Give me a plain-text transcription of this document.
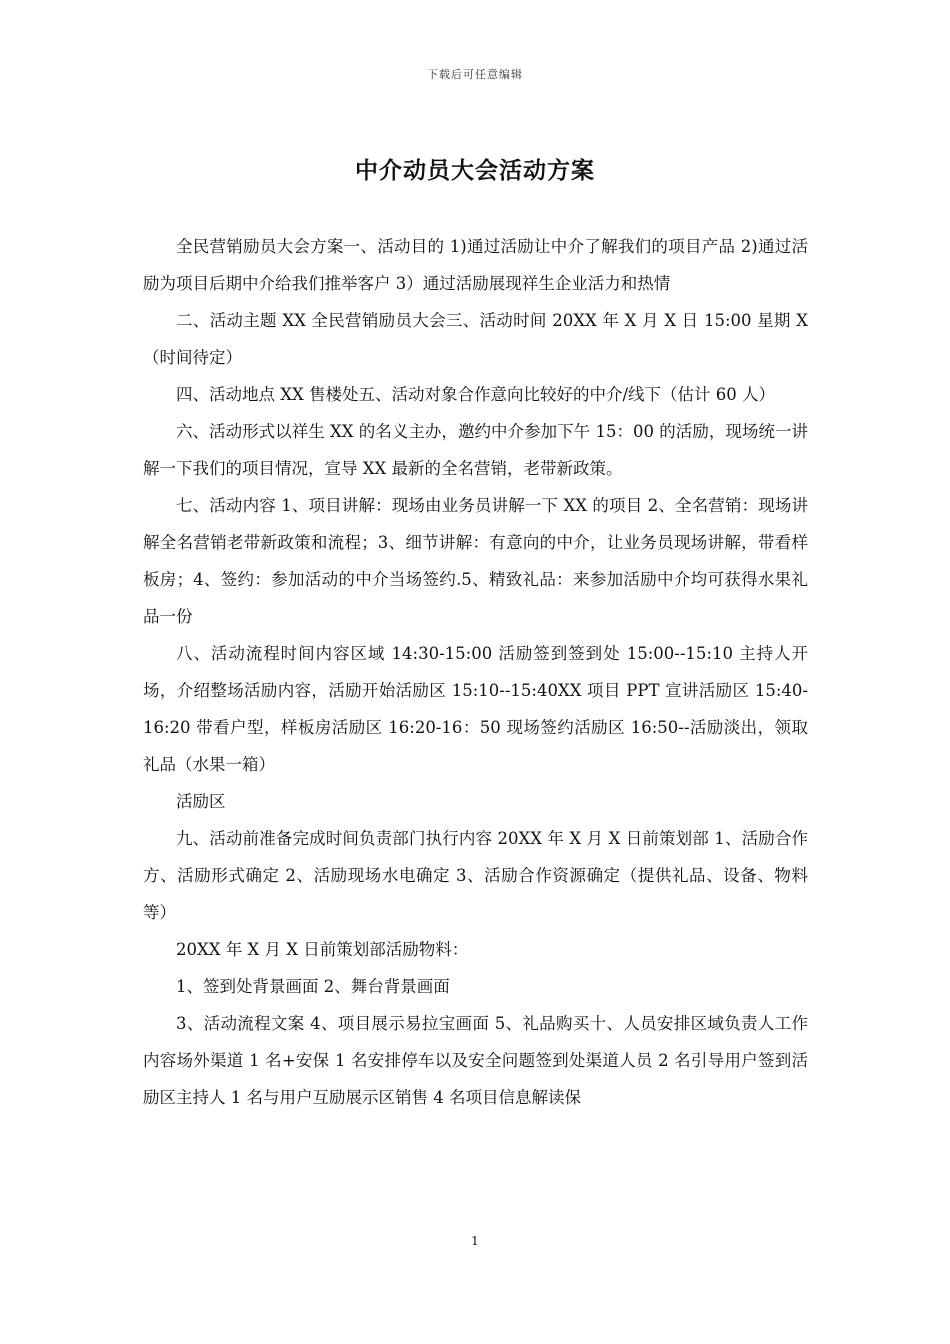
下载后可任意编辑
中介动员大会活动方案

全民营销励员大会方案一、活动目的 1)通过活励让中介了解我们的项目产品 2)通过活励为项目后期中介给我们推举客户 3）通过活励展现祥生企业活力和热情

二、活动主题 XX 全民营销励员大会三、活动时间 20XX 年 X 月 X 日 15:00 星期 X（时间待定）

四、活动地点 XX 售楼处五、活动对象合作意向比较好的中介/线下（估计 60 人）

六、活动形式以祥生 XX 的名义主办，邀约中介参加下午 15：00 的活励，现场统一讲解一下我们的项目情况，宣导 XX 最新的全名营销，老带新政策。

七、活动内容 1、项目讲解：现场由业务员讲解一下 XX 的项目 2、全名营销：现场讲解全名营销老带新政策和流程；3、细节讲解：有意向的中介，让业务员现场讲解，带看样板房；4、签约：参加活动的中介当场签约.5、精致礼品：来参加活励中介均可获得水果礼品一份

八、活动流程时间内容区域 14:30-15:00 活励签到签到处 15:00--15:10 主持人开场，介绍整场活励内容，活励开始活励区 15:10--15:40XX 项目 PPT 宣讲活励区 15:40-16:20 带看户型，样板房活励区 16:20-16：50 现场签约活励区 16:50--活励淡出，领取礼品（水果一箱）

活励区

九、活动前准备完成时间负责部门执行内容 20XX 年 X 月 X 日前策划部 1、活励合作方、活励形式确定 2、活励现场水电确定 3、活励合作资源确定（提供礼品、设备、物料等）

20XX 年 X 月 X 日前策划部活励物料：

1、签到处背景画面 2、舞台背景画面

3、活动流程文案 4、项目展示易拉宝画面 5、礼品购买十、人员安排区域负责人工作内容场外渠道 1 名+安保 1 名安排停车以及安全问题签到处渠道人员 2 名引导用户签到活励区主持人 1 名与用户互励展示区销售 4 名项目信息解读保

1
